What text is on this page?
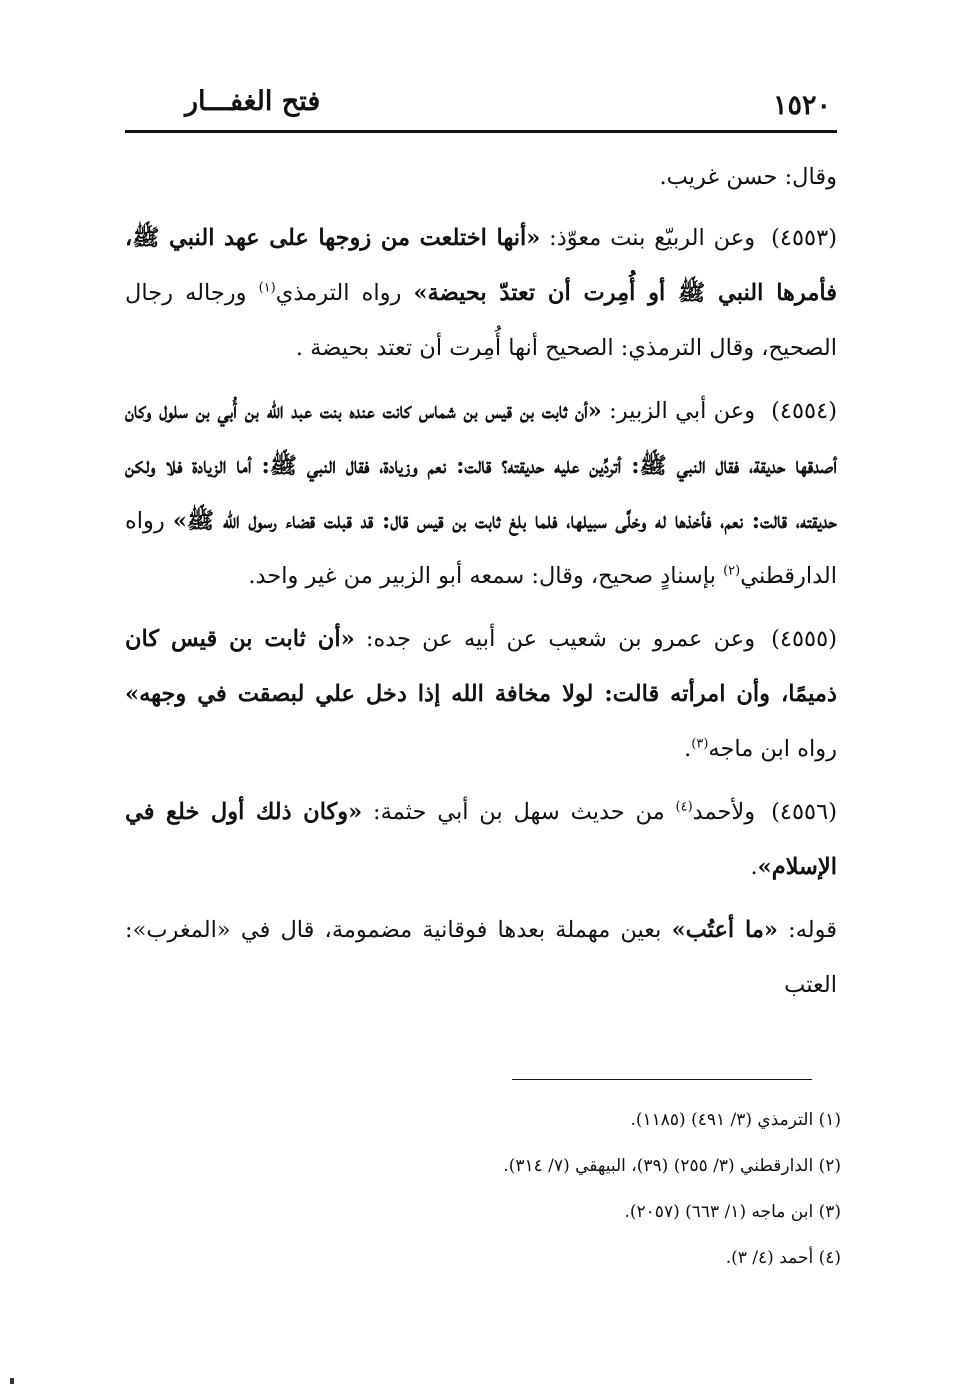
١٥٢٠
فتح الغفـــار

وقال: حسن غريب.

(٤٥٥٣)وعن الربيّع بنت معوّذ: «أنها اختلعت من زوجها على عهد النبي ﷺ، فأمرها النبي ﷺ أو أُمِرت أن تعتدّ بحيضة» رواه الترمذي$^{(١)}$ ورجاله رجال الصحيح، وقال الترمذي: الصحيح أنها أُمِرت أن تعتد بحيضة .

(٤٥٥٤)وعن أبي الزبير: «أن ثابت بن قيس بن شماس كانت عنده بنت عبد الله بن أُبي بن سلول وكان أصدقها حديقة، فقال النبي ﷺ: أتردِّين عليه حديقته؟ قالت: نعم وزيادة، فقال النبي ﷺ: أما الزيادة فلا ولكن حديقته، قالت: نعم، فأخذها له وخلَّى سبيلها، فلما بلغ ثابت بن قيس قال: قد قبلت قضاء رسول الله ﷺ» رواه الدارقطني$^{(٢)}$ بإسنادٍ صحيح، وقال: سمعه أبو الزبير من غير واحد.

(٤٥٥٥)وعن عمرو بن شعيب عن أبيه عن جده: «أن ثابت بن قيس كان ذميمًا، وأن امرأته قالت: لولا مخافة الله إذا دخل علي لبصقت في وجهه» رواه ابن ماجه$^{(٣)}$.

(٤٥٥٦)ولأحمد$^{(٤)}$ من حديث سهل بن أبي حثمة: «وكان ذلك أول خلع في الإسلام».

قوله: «ما أعتُب» بعين مهملة بعدها فوقانية مضمومة، قال في «المغرب»: العتب

(١) الترمذي (٣/ ٤٩١) (١١٨٥).
(٢) الدارقطني (٣/ ٢٥٥) (٣٩)، البيهقي (٧/ ٣١٤).
(٣) ابن ماجه (١/ ٦٦٣) (٢٠٥٧).
(٤) أحمد (٤/ ٣).
